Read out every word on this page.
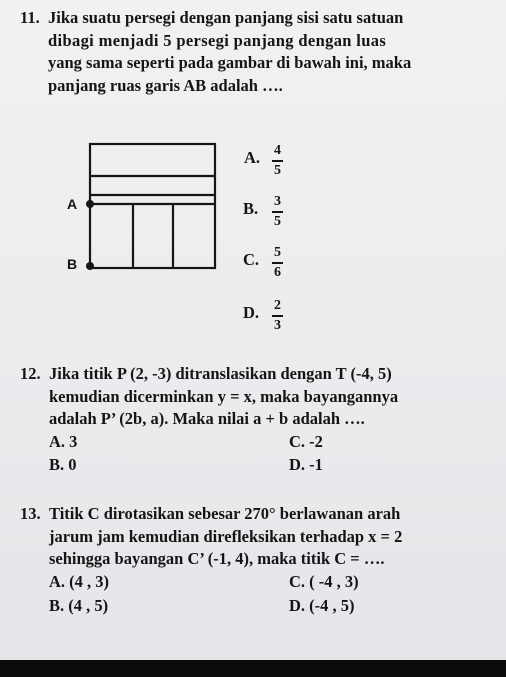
11. Jika suatu persegi dengan panjang sisi satu satuan
dibagi menjadi 5 persegi panjang dengan luas
yang sama seperti pada gambar di bawah ini, maka
panjang ruas garis AB adalah ….
A
B
A. 4
5
B. 3
5
C. 5
6
D. 2
3
12. Jika titik P (2, -3) ditranslasikan dengan T (-4, 5)
kemudian dicerminkan y = x, maka bayangannya
adalah P’ (2b, a). Maka nilai a + b adalah ….
A. 3	C. -2
B. 0	D. -1
13. Titik C dirotasikan sebesar 270° berlawanan arah
jarum jam kemudian direfleksikan terhadap x = 2
sehingga bayangan C’ (-1, 4), maka titik C = ….
A. (4 , 3)	C. ( -4 , 3)
B. (4 , 5)	D. (-4 , 5)
